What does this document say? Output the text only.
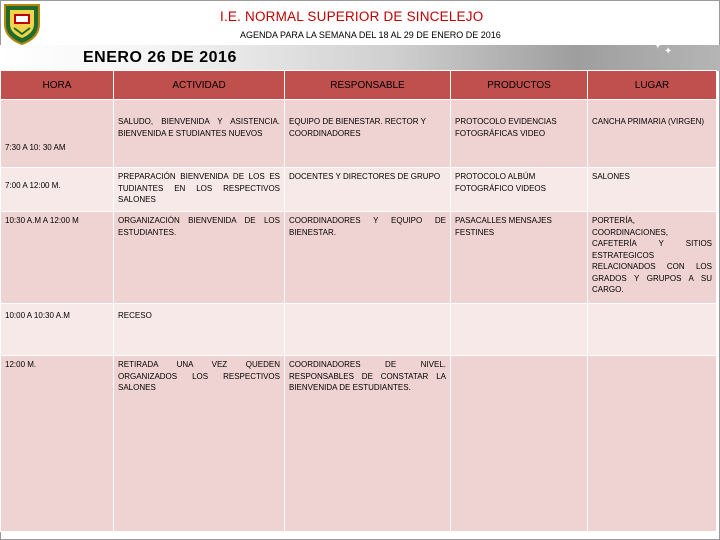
I.E. NORMAL SUPERIOR DE SINCELEJO
AGENDA PARA LA SEMANA DEL 18 AL 29 DE ENERO DE 2016
ENERO 26 DE 2016
✦ ✦
HORA	ACTIVIDAD	RESPONSABLE	PRODUCTOS	LUGAR
7:30 A 10: 30 AM	SALUDO, BIENVENIDA Y ASISTENCIA. BIENVENIDA E STUDIANTES NUEVOS	EQUIPO DE BIENESTAR. RECTOR Y COORDINADORES	PROTOCOLO EVIDENCIAS FOTOGRÁFICAS VIDEO	CANCHA PRIMARIA (VIRGEN)
7:00 A 12:00 M.	PREPARACIÓN BIENVENIDA DE LOS ES TUDIANTES EN LOS RESPECTIVOS SALONES	DOCENTES Y DIRECTORES DE GRUPO	PROTOCOLO ALBÚM FOTOGRÁFICO VIDEOS	SALONES
10:30 A.M A 12:00 M	ORGANIZACIÓN BIENVENIDA DE LOS ESTUDIANTES.	COORDINADORES Y EQUIPO DE BIENESTAR.	PASACALLES MENSAJES FESTINES	PORTERÍA, COORDINACIONES, CAFETERÍA Y SITIOS ESTRATEGICOS RELACIONADOS CON LOS GRADOS Y GRUPOS A SU CARGO.
10:00 A 10:30 A.M	RECESO			
12:00 M.	RETIRADA UNA VEZ QUEDEN ORGANIZADOS LOS RESPECTIVOS SALONES	COORDINADORES DE NIVEL. RESPONSABLES DE CONSTATAR LA BIENVENIDA DE ESTUDIANTES.		
